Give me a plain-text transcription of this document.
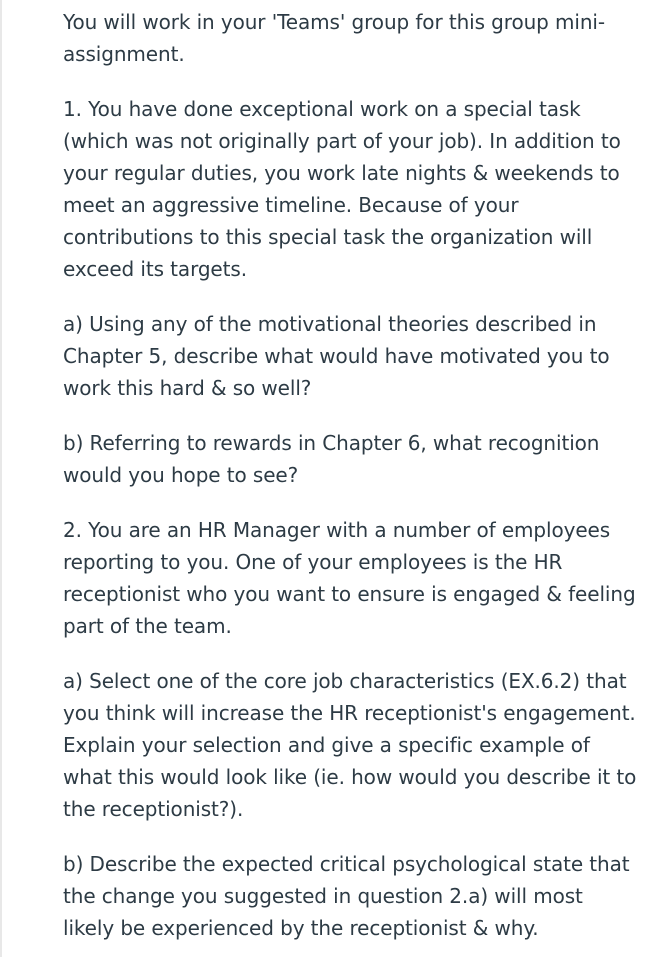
You will work in your 'Teams' group for this group mini-assignment.

1. You have done exceptional work on a special task (which was not originally part of your job). In addition to your regular duties, you work late nights & weekends to meet an aggressive timeline. Because of your contributions to this special task the organization will exceed its targets.

a) Using any of the motivational theories described in Chapter 5, describe what would have motivated you to work this hard & so well?

b) Referring to rewards in Chapter 6, what recognition would you hope to see?

2. You are an HR Manager with a number of employees reporting to you. One of your employees is the HR receptionist who you want to ensure is engaged & feeling part of the team.

a) Select one of the core job characteristics (EX.6.2) that you think will increase the HR receptionist's engagement. Explain your selection and give a specific example of what this would look like (ie. how would you describe it to the receptionist?).

b) Describe the expected critical psychological state that the change you suggested in question 2.a) will most likely be experienced by the receptionist & why.
